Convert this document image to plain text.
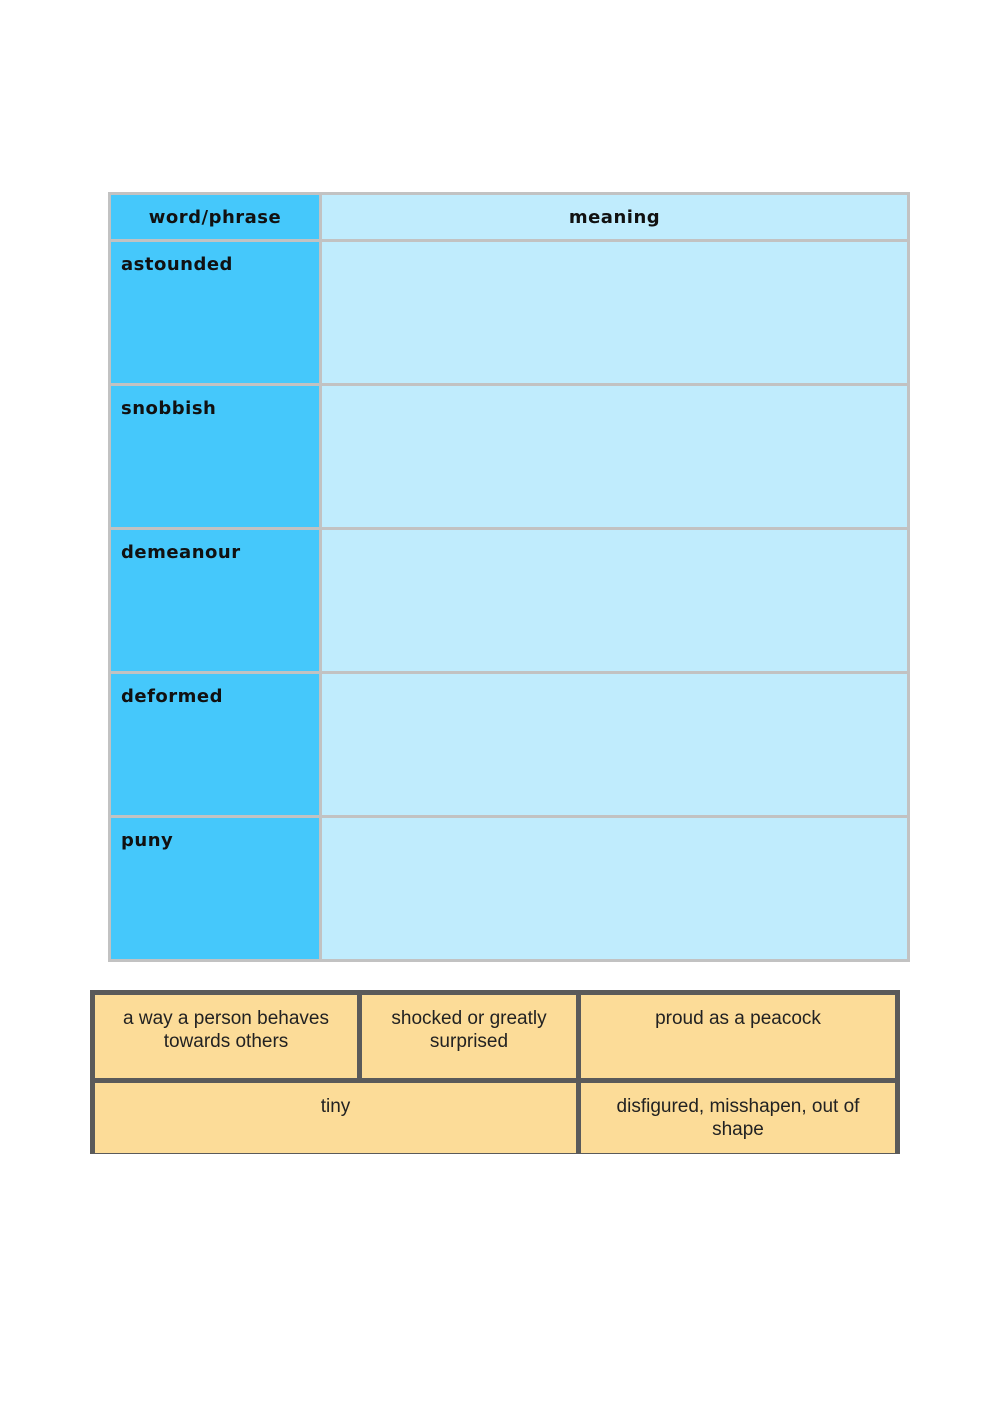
word/phrase	meaning
astounded
snobbish
demeanour
deformed
puny
a way a person behaves towards others
shocked or greatly surprised
proud as a peacock
tiny	disfigured, misshapen, out of shape
